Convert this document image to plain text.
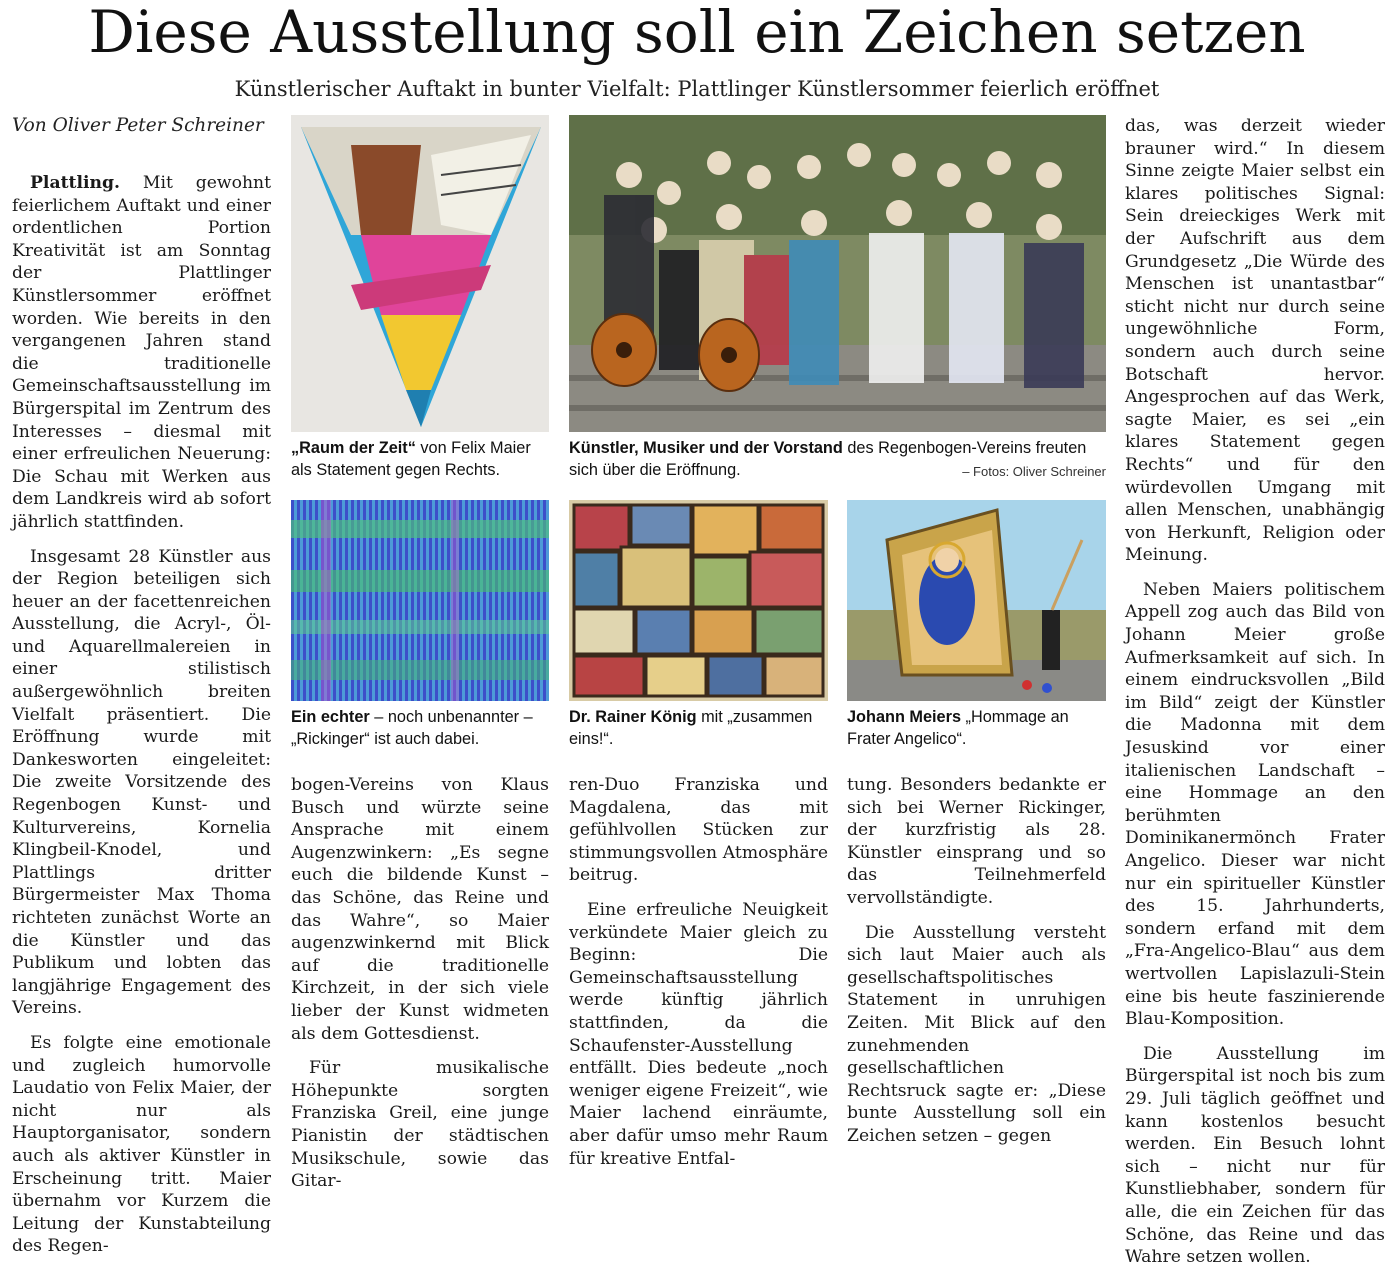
Diese Ausstellung soll ein Zeichen setzen
Künstlerischer Auftakt in bunter Vielfalt: Plattlinger Künstlersommer feierlich eröffnet
Von Oliver Peter Schreiner

Plattling. Mit gewohnt feierlichem Auftakt und einer ordentlichen Portion Kreativität ist am Sonntag der Plattlinger Künstlersommer eröffnet worden. Wie bereits in den vergangenen Jahren stand die traditionelle Gemeinschaftsausstellung im Bürgerspital im Zentrum des Interesses – diesmal mit einer erfreulichen Neuerung: Die Schau mit Werken aus dem Landkreis wird ab sofort jährlich stattfinden.

Insgesamt 28 Künstler aus der Region beteiligen sich heuer an der facettenreichen Ausstellung, die Acryl-, Öl- und Aquarellmalereien in einer stilistisch außergewöhnlich breiten Vielfalt präsentiert. Die Eröffnung wurde mit Dankesworten eingeleitet: Die zweite Vorsitzende des Regenbogen Kunst- und Kulturvereins, Kornelia Klingbeil-Knodel, und Plattlings dritter Bürgermeister Max Thoma richteten zunächst Worte an die Künstler und das Publikum und lobten das langjährige Engagement des Vereins.

Es folgte eine emotionale und zugleich humorvolle Laudatio von Felix Maier, der nicht nur als Hauptorganisator, sondern auch als aktiver Künstler in Erscheinung tritt. Maier übernahm vor Kurzem die Leitung der Kunstabteilung des Regen-

„Raum der Zeit“ von Felix Maier als Statement gegen Rechts.

Künstler, Musiker und der Vorstand des Regenbogen-Vereins freuten sich über die Eröffnung.	– Fotos: Oliver Schreiner

Ein echter – noch unbenannter – „Rickinger“ ist auch dabei.

Dr. Rainer König mit „zusammen eins!“.

Johann Meiers „Hommage an Frater Angelico“.

bogen-Vereins von Klaus Busch und würzte seine Ansprache mit einem Augenzwinkern: „Es segne euch die bildende Kunst – das Schöne, das Reine und das Wahre“, so Maier augenzwinkernd mit Blick auf die traditionelle Kirchzeit, in der sich viele lieber der Kunst widmeten als dem Gottesdienst.

Für musikalische Höhepunkte sorgten Franziska Greil, eine junge Pianistin der städtischen Musikschule, sowie das Gitar-

ren-Duo Franziska und Magdalena, das mit gefühlvollen Stücken zur stimmungsvollen Atmosphäre beitrug.

Eine erfreuliche Neuigkeit verkündete Maier gleich zu Beginn: Die Gemeinschaftsausstellung werde künftig jährlich stattfinden, da die Schaufenster-Ausstellung entfällt. Dies bedeute „noch weniger eigene Freizeit“, wie Maier lachend einräumte, aber dafür umso mehr Raum für kreative Entfal-

tung. Besonders bedankte er sich bei Werner Rickinger, der kurzfristig als 28. Künstler einsprang und so das Teilnehmerfeld vervollständigte.

Die Ausstellung versteht sich laut Maier auch als gesellschaftspolitisches Statement in unruhigen Zeiten. Mit Blick auf den zunehmenden gesellschaftlichen Rechtsruck sagte er: „Diese bunte Ausstellung soll ein Zeichen setzen – gegen

das, was derzeit wieder brauner wird.“ In diesem Sinne zeigte Maier selbst ein klares politisches Signal: Sein dreieckiges Werk mit der Aufschrift aus dem Grundgesetz „Die Würde des Menschen ist unantastbar“ sticht nicht nur durch seine ungewöhnliche Form, sondern auch durch seine Botschaft hervor. Angesprochen auf das Werk, sagte Maier, es sei „ein klares Statement gegen Rechts“ und für den würdevollen Umgang mit allen Menschen, unabhängig von Herkunft, Religion oder Meinung.

Neben Maiers politischem Appell zog auch das Bild von Johann Meier große Aufmerksamkeit auf sich. In einem eindrucksvollen „Bild im Bild“ zeigt der Künstler die Madonna mit dem Jesuskind vor einer italienischen Landschaft – eine Hommage an den berühmten Dominikanermönch Frater Angelico. Dieser war nicht nur ein spiritueller Künstler des 15. Jahrhunderts, sondern erfand mit dem „Fra-Angelico-Blau“ aus dem wertvollen Lapislazuli-Stein eine bis heute faszinierende Blau-Komposition.

Die Ausstellung im Bürgerspital ist noch bis zum 29. Juli täglich geöffnet und kann kostenlos besucht werden. Ein Besuch lohnt sich – nicht nur für Kunstliebhaber, sondern für alle, die ein Zeichen für das Schöne, das Reine und das Wahre setzen wollen.
